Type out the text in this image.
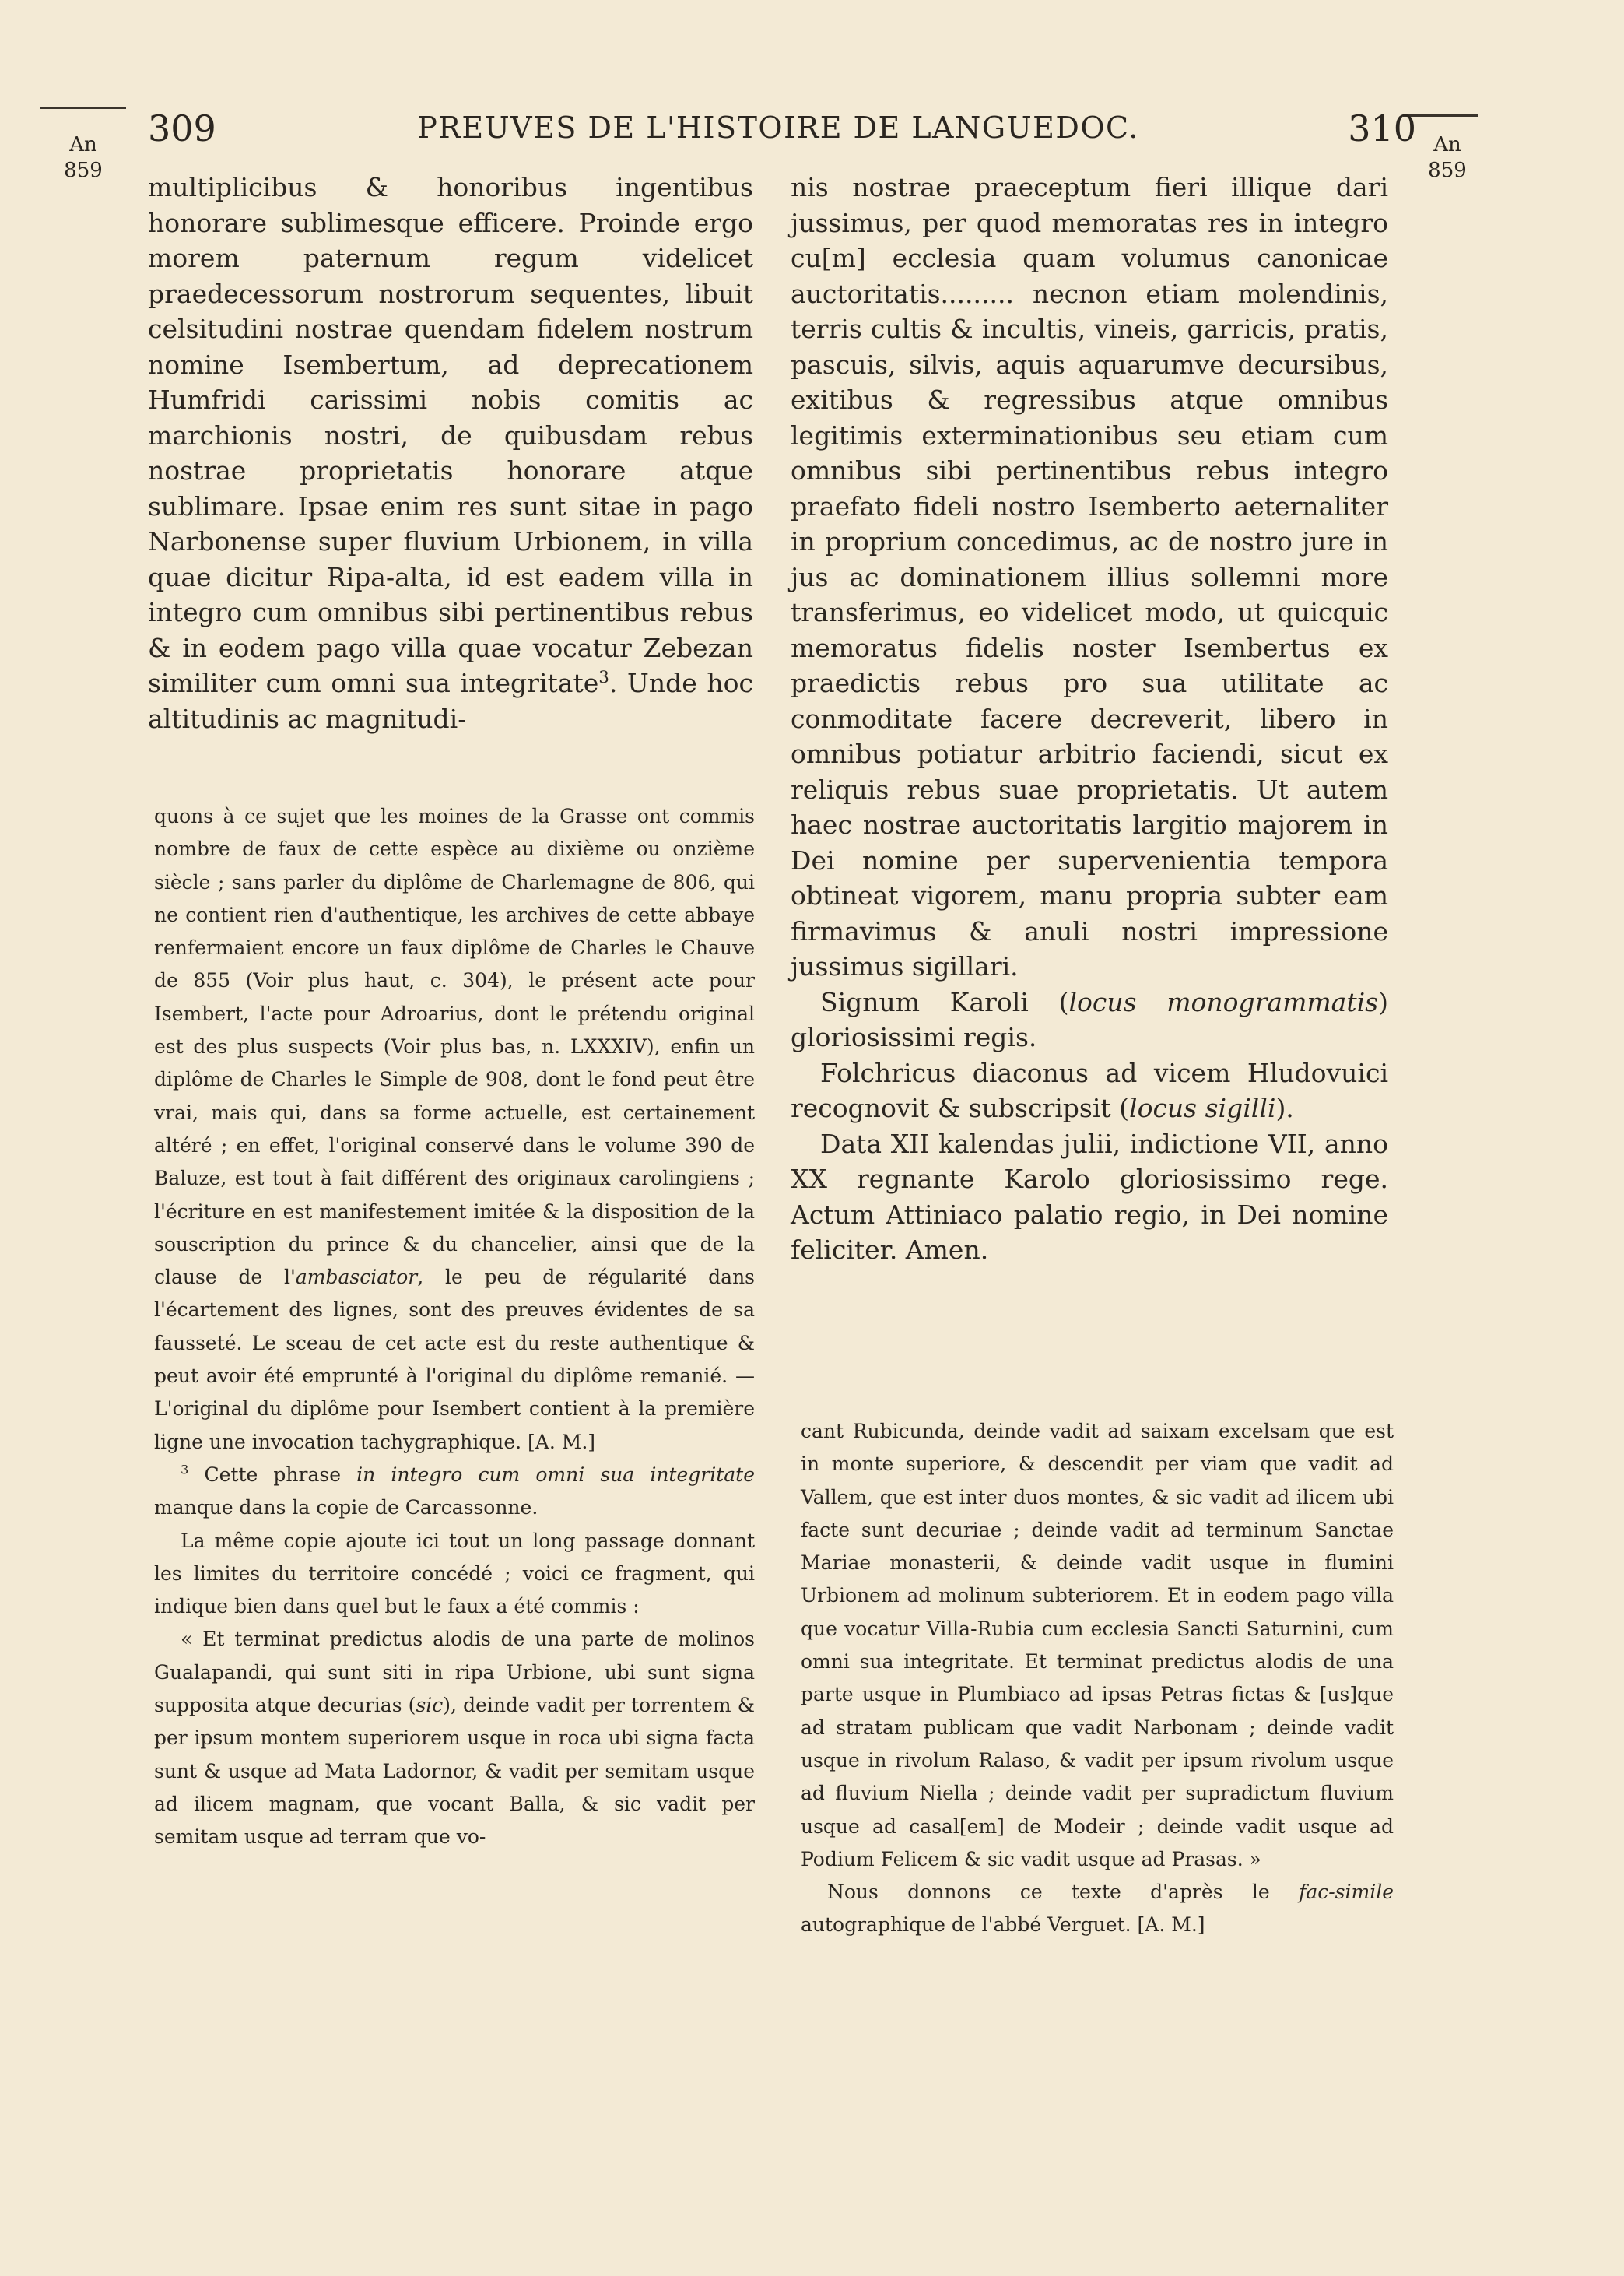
An
859
An
859
309	PREUVES DE L'HISTOIRE DE LANGUEDOC.	310

multiplicibus & honoribus ingentibus honorare sublimesque efficere. Proinde ergo morem paternum regum videlicet praedecessorum nostrorum sequentes, libuit celsitudini nostrae quendam fidelem nostrum nomine Isembertum, ad deprecationem Humfridi carissimi nobis comitis ac marchionis nostri, de quibusdam rebus nostrae proprietatis honorare atque sublimare. Ipsae enim res sunt sitae in pago Narbonense super fluvium Urbionem, in villa quae dicitur Ripa-alta, id est eadem villa in integro cum omnibus sibi pertinentibus rebus & in eodem pago villa quae vocatur Zebezan similiter cum omni sua integritate$^3$. Unde hoc altitudinis ac magnitudi-

quons à ce sujet que les moines de la Grasse ont commis nombre de faux de cette espèce au dixième ou onzième siècle ; sans parler du diplôme de Charlemagne de 806, qui ne contient rien d'authentique, les archives de cette abbaye renfermaient encore un faux diplôme de Charles le Chauve de 855 (Voir plus haut, c. 304), le présent acte pour Isembert, l'acte pour Adroarius, dont le prétendu original est des plus suspects (Voir plus bas, n. LXXXIV), enfin un diplôme de Charles le Simple de 908, dont le fond peut être vrai, mais qui, dans sa forme actuelle, est certainement altéré ; en effet, l'original conservé dans le volume 390 de Baluze, est tout à fait différent des originaux carolingiens ; l'écriture en est manifestement imitée & la disposition de la souscription du prince & du chancelier, ainsi que de la clause de l'ambasciator, le peu de régularité dans l'écartement des lignes, sont des preuves évidentes de sa fausseté. Le sceau de cet acte est du reste authentique & peut avoir été emprunté à l'original du diplôme remanié. — L'original du diplôme pour Isembert contient à la première ligne une invocation tachygraphique. [A. M.]

$^3$ Cette phrase in integro cum omni sua integritate manque dans la copie de Carcassonne.

La même copie ajoute ici tout un long passage donnant les limites du territoire concédé ; voici ce fragment, qui indique bien dans quel but le faux a été commis :

« Et terminat predictus alodis de una parte de molinos Gualapandi, qui sunt siti in ripa Urbione, ubi sunt signa supposita atque decurias (sic), deinde vadit per torrentem & per ipsum montem superiorem usque in roca ubi signa facta sunt & usque ad Mata Ladornor, & vadit per semitam usque ad ilicem magnam, que vocant Balla, & sic vadit per semitam usque ad terram que vo-

nis nostrae praeceptum fieri illique dari jussimus, per quod memoratas res in integro cu[m] ecclesia quam volumus canonicae auctoritatis......... necnon etiam molendinis, terris cultis & incultis, vineis, garricis, pratis, pascuis, silvis, aquis aquarumve decursibus, exitibus & regressibus atque omnibus legitimis exterminationibus seu etiam cum omnibus sibi pertinentibus rebus integro praefato fideli nostro Isemberto aeternaliter in proprium concedimus, ac de nostro jure in jus ac dominationem illius sollemni more transferimus, eo videlicet modo, ut quicquic memoratus fidelis noster Isembertus ex praedictis rebus pro sua utilitate ac conmoditate facere decreverit, libero in omnibus potiatur arbitrio faciendi, sicut ex reliquis rebus suae proprietatis. Ut autem haec nostrae auctoritatis largitio majorem in Dei nomine per supervenientia tempora obtineat vigorem, manu propria subter eam firmavimus & anuli nostri impressione jussimus sigillari.

Signum Karoli (locus monogrammatis) gloriosissimi regis.

Folchricus diaconus ad vicem Hludovuici recognovit & subscripsit (locus sigilli).

Data XII kalendas julii, indictione VII, anno XX regnante Karolo gloriosissimo rege. Actum Attiniaco palatio regio, in Dei nomine feliciter. Amen.

cant Rubicunda, deinde vadit ad saixam excelsam que est in monte superiore, & descendit per viam que vadit ad Vallem, que est inter duos montes, & sic vadit ad ilicem ubi facte sunt decuriae ; deinde vadit ad terminum Sanctae Mariae monasterii, & deinde vadit usque in flumini Urbionem ad molinum subteriorem. Et in eodem pago villa que vocatur Villa-Rubia cum ecclesia Sancti Saturnini, cum omni sua integritate. Et terminat predictus alodis de una parte usque in Plumbiaco ad ipsas Petras fictas & [us]que ad stratam publicam que vadit Narbonam ; deinde vadit usque in rivolum Ralaso, & vadit per ipsum rivolum usque ad fluvium Niella ; deinde vadit per supradictum fluvium usque ad casal[em] de Modeir ; deinde vadit usque ad Podium Felicem & sic vadit usque ad Prasas. »

Nous donnons ce texte d'après le fac-simile autographique de l'abbé Verguet. [A. M.]
